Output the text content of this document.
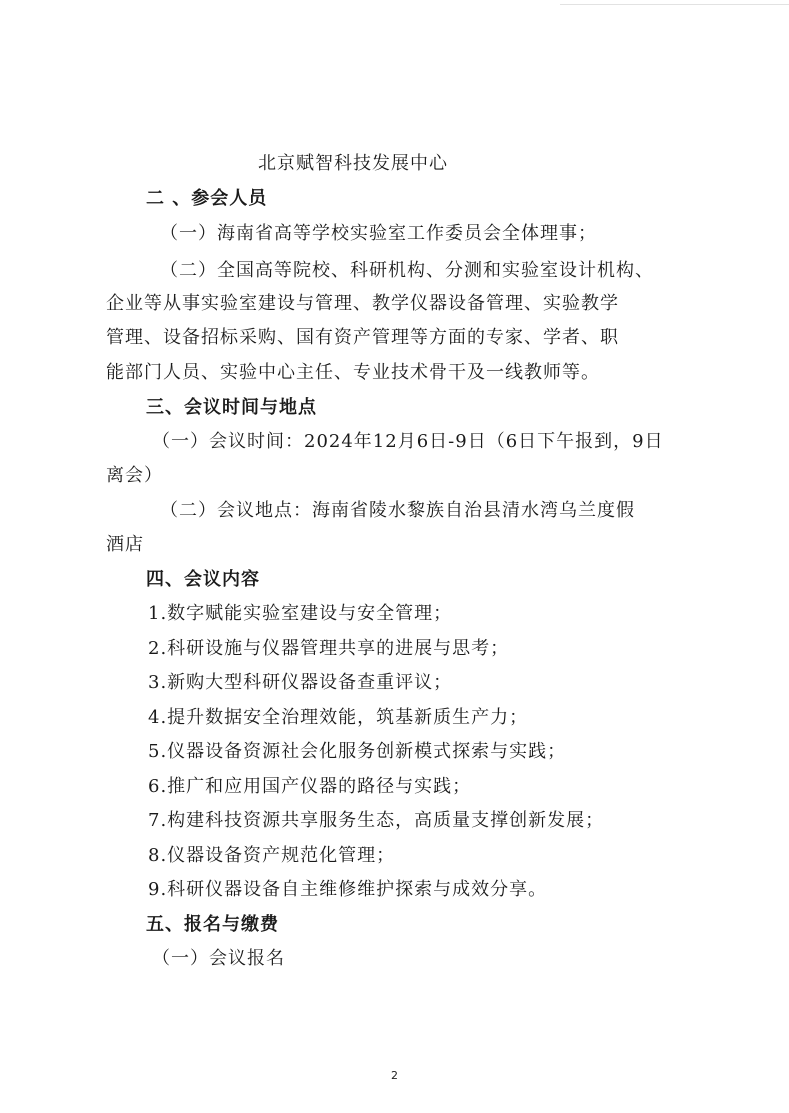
北京赋智科技发展中心
二 、参会人员
（一）海南省高等学校实验室工作委员会全体理事；
（二）全国高等院校、科研机构、分测和实验室设计机构、
企业等从事实验室建设与管理、教学仪器设备管理、实验教学
管理、设备招标采购、国有资产管理等方面的专家、学者、职
能部门人员、实验中心主任、专业技术骨干及一线教师等。
三、会议时间与地点
（一）会议时间：2024年12月6日-9日（6日下午报到，9日
离会）
（二）会议地点：海南省陵水黎族自治县清水湾乌兰度假
酒店
四、会议内容
1.数字赋能实验室建设与安全管理；
2.科研设施与仪器管理共享的进展与思考；
3.新购大型科研仪器设备查重评议；
4.提升数据安全治理效能，筑基新质生产力；
5.仪器设备资源社会化服务创新模式探索与实践；
6.推广和应用国产仪器的路径与实践；
7.构建科技资源共享服务生态，高质量支撑创新发展；
8.仪器设备资产规范化管理；
9.科研仪器设备自主维修维护探索与成效分享。
五、报名与缴费
（一）会议报名
2
